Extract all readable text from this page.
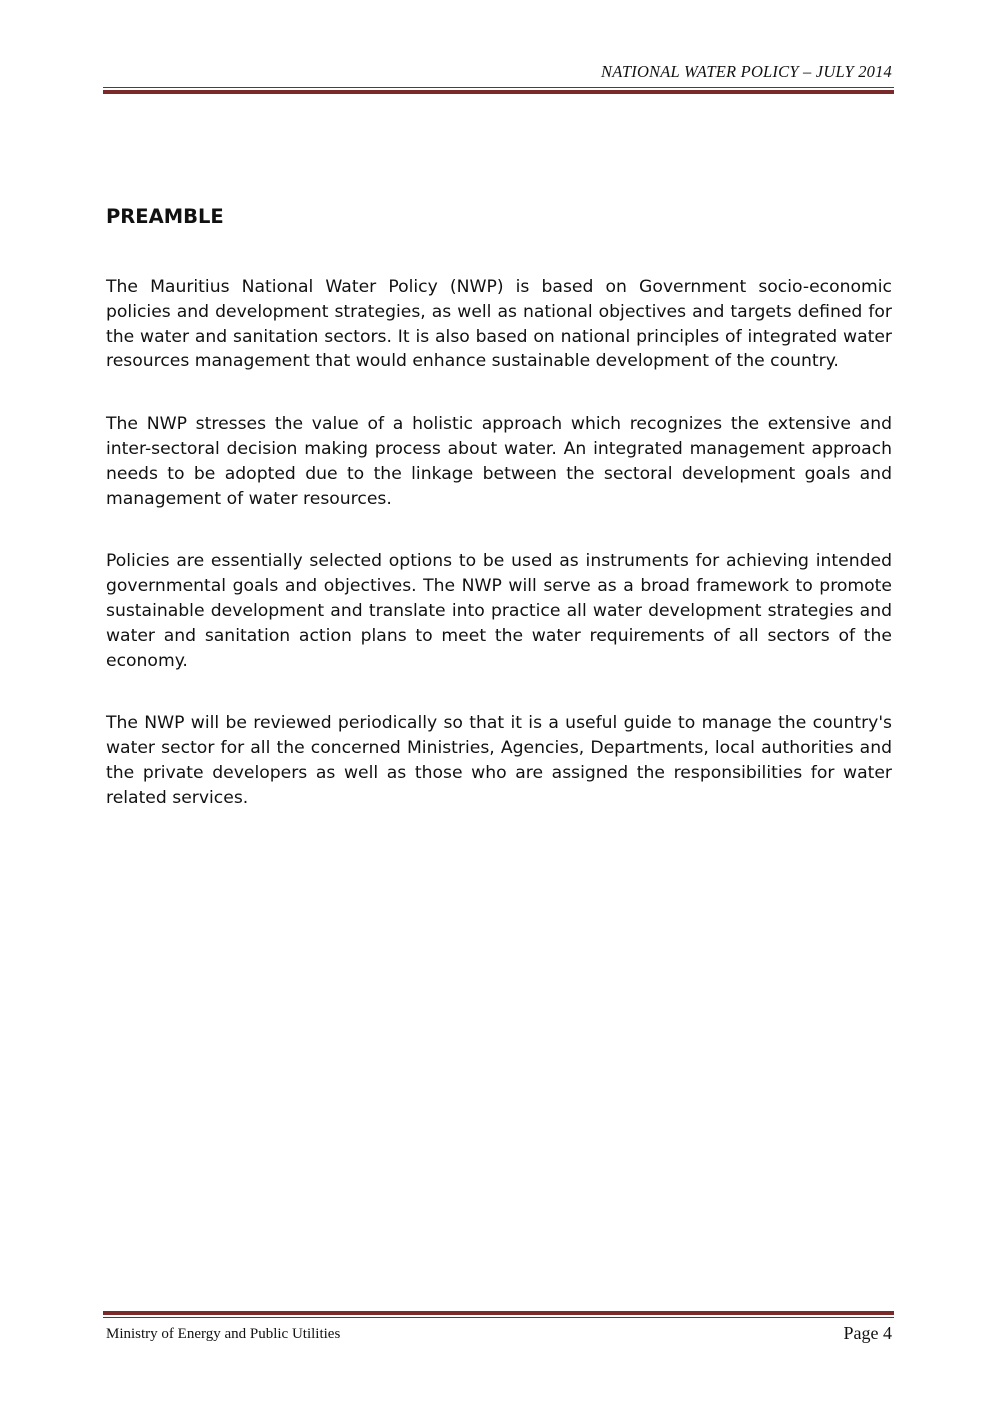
NATIONAL WATER POLICY – JULY 2014
PREAMBLE

The Mauritius National Water Policy (NWP) is based on Government socio-economic policies and development strategies, as well as national objectives and targets defined for the water and sanitation sectors. It is also based on national principles of integrated water resources management that would enhance sustainable development of the country.

The NWP stresses the value of a holistic approach which recognizes the extensive and inter-sectoral decision making process about water. An integrated management approach needs to be adopted due to the linkage between the sectoral development goals and management of water resources.

Policies are essentially selected options to be used as instruments for achieving intended governmental goals and objectives. The NWP will serve as a broad framework to promote sustainable development and translate into practice all water development strategies and water and sanitation action plans to meet the water requirements of all sectors of the economy.

The NWP will be reviewed periodically so that it is a useful guide to manage the country's water sector for all the concerned Ministries, Agencies, Departments, local authorities and the private developers as well as those who are assigned the responsibilities for water related services.

Ministry of Energy and Public Utilities	Page 4
